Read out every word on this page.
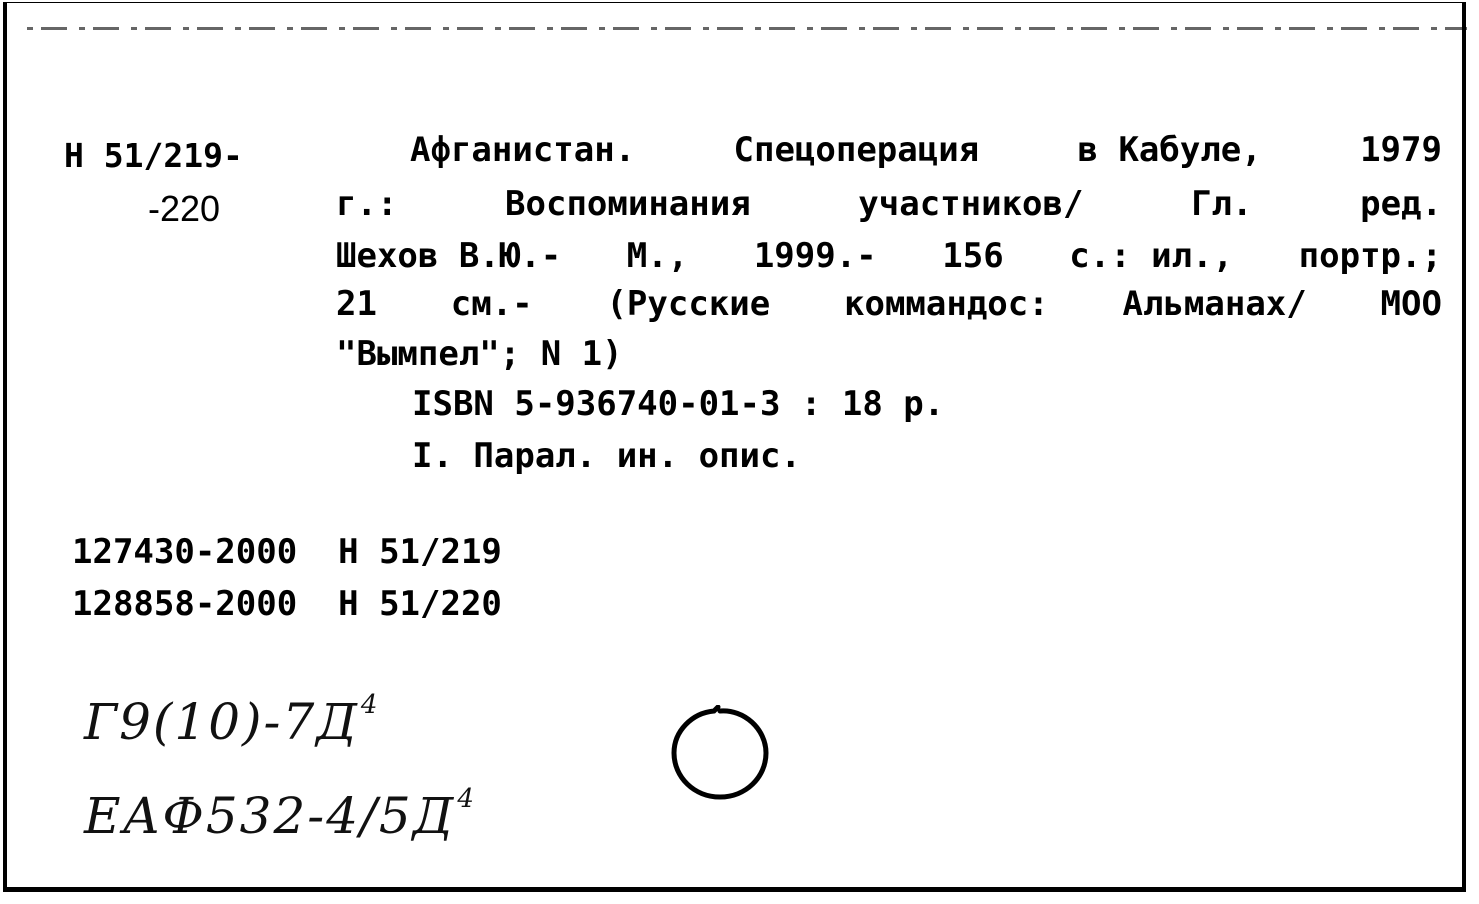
Н 51/219-
-220
Афганистан.	Спецоперация	в Кабуле,	1979
г.:	Воспоминания	участников/	Гл.	ред.
Шехов В.Ю.- М., 1999.- 156 с.: ил., портр.;
21 см.- (Русские коммандос: Альманах/ МОО
"Вымпел"; N 1)
ISBN 5-936740-01-3 : 18 р.
I. Парал. ин. опис.
127430-2000 Н 51/219
128858-2000 Н 51/220
$Г9(10)-7Д^4$
$ЕАФ532-4/5Д^4$
